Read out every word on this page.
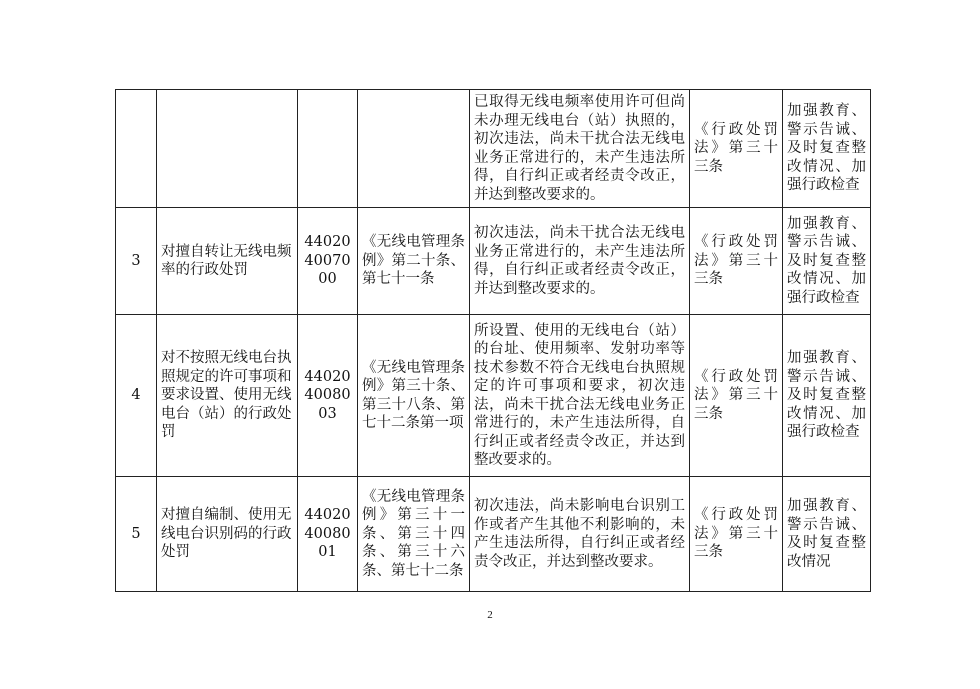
				已取得无线电频率使用许可但尚未办理无线电台（站）执照的，初次违法，尚未干扰合法无线电业务正常进行的，未产生违法所得，自行纠正或者经责令改正，并达到整改要求的。	《行政处罚法》第三十三条	加强教育、警示告诫、及时复查整改情况、加强行政检查
3	对擅自转让无线电频率的行政处罚	440204007000	《无线电管理条例》第二十条、第七十一条	初次违法，尚未干扰合法无线电业务正常进行的，未产生违法所得，自行纠正或者经责令改正，并达到整改要求的。	《行政处罚法》第三十三条	加强教育、警示告诫、及时复查整改情况、加强行政检查
4	对不按照无线电台执照规定的许可事项和要求设置、使用无线电台（站）的行政处罚	440204008003	《无线电管理条例》第三十条、第三十八条、第七十二条第一项	所设置、使用的无线电台（站）的台址、使用频率、发射功率等技术参数不符合无线电台执照规定的许可事项和要求，初次违法，尚未干扰合法无线电业务正常进行的，未产生违法所得，自行纠正或者经责令改正，并达到整改要求的。	《行政处罚法》第三十三条	加强教育、警示告诫、及时复查整改情况、加强行政检查
5	对擅自编制、使用无线电台识别码的行政处罚	440204008001	《无线电管理条例》第三十一条、第三十四条、第三十六条、第七十二条	初次违法，尚未影响电台识别工作或者产生其他不利影响的，未产生违法所得，自行纠正或者经责令改正，并达到整改要求。	《行政处罚法》第三十三条	加强教育、警示告诫、及时复查整改情况
2
